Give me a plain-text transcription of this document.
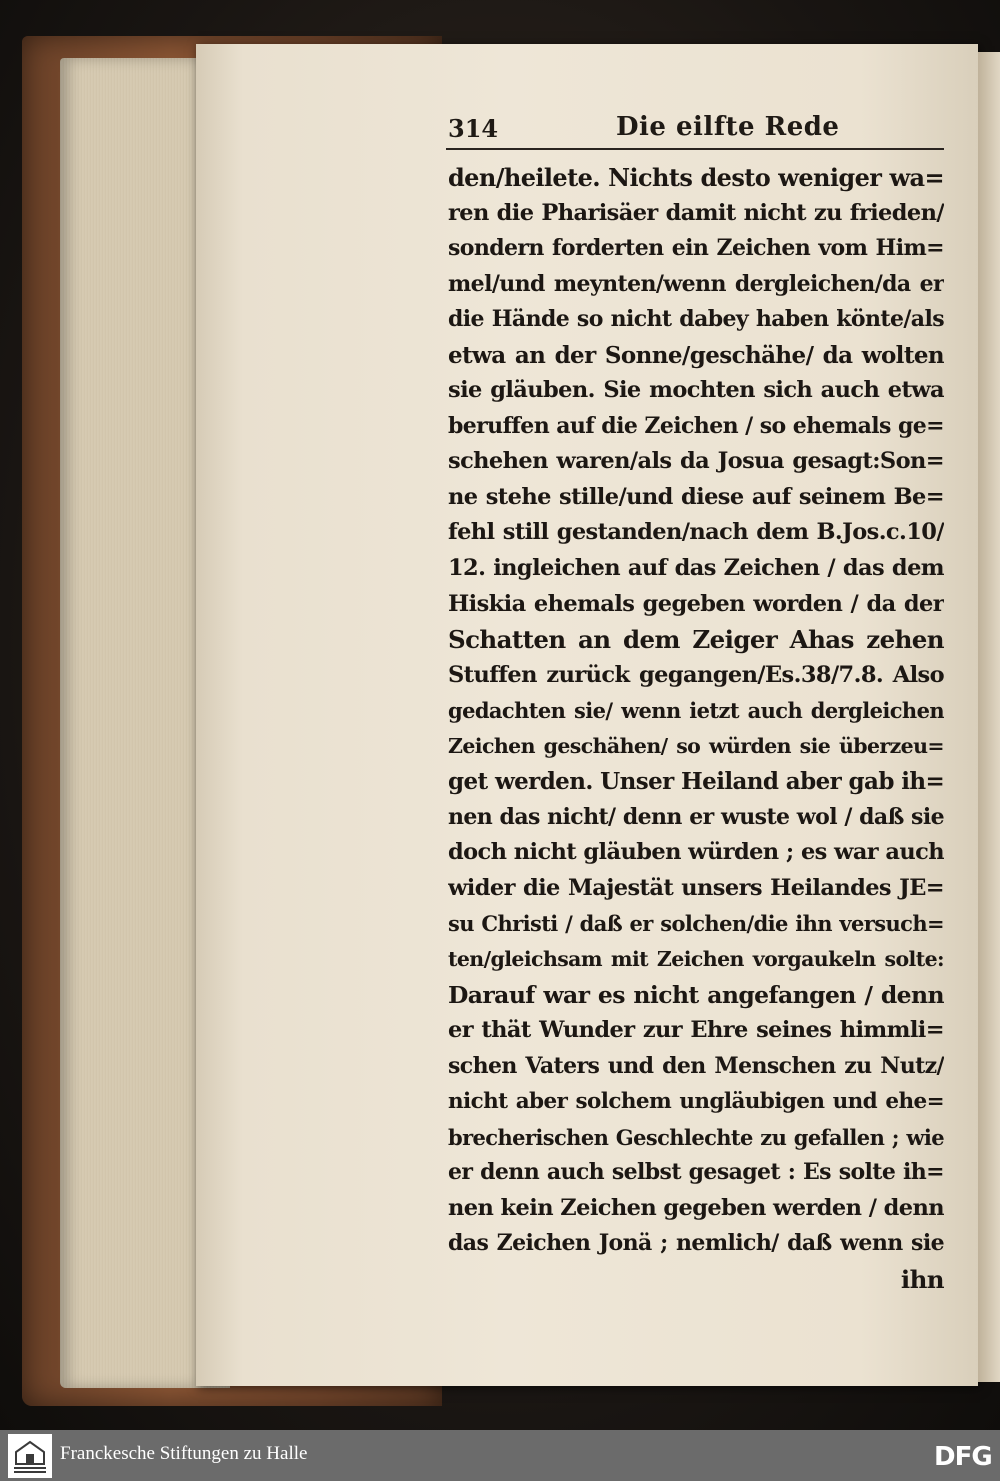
314	Die eilfte Rede
den/heilete. Nichts desto weniger wa=
ren die Pharisäer damit nicht zu frieden/
sondern forderten ein Zeichen vom Him=
mel/und meynten/wenn dergleichen/da er
die Hände so nicht dabey haben könte/als
etwa an der Sonne/geschähe/ da wolten
sie gläuben. Sie mochten sich auch etwa
beruffen auf die Zeichen / so ehemals ge=
schehen waren/als da Josua gesagt:Son=
ne stehe stille/und diese auf seinem Be=
fehl still gestanden/nach dem B.Jos.c.10/
12. ingleichen auf das Zeichen / das dem
Hiskia ehemals gegeben worden / da der
Schatten an dem Zeiger Ahas zehen
Stuffen zurück gegangen/Es.38/7.8. Also
gedachten sie/ wenn ietzt auch dergleichen
Zeichen geschähen/ so würden sie überzeu=
get werden. Unser Heiland aber gab ih=
nen das nicht/ denn er wuste wol / daß sie
doch nicht gläuben würden ; es war auch
wider die Majestät unsers Heilandes JE=
su Christi / daß er solchen/die ihn versuch=
ten/gleichsam mit Zeichen vorgaukeln solte:
Darauf war es nicht angefangen / denn
er thät Wunder zur Ehre seines himmli=
schen Vaters und den Menschen zu Nutz/
nicht aber solchem ungläubigen und ehe=
brecherischen Geschlechte zu gefallen ; wie
er denn auch selbst gesaget : Es solte ih=
nen kein Zeichen gegeben werden / denn
das Zeichen Jonä ; nemlich/ daß wenn sie
ihn
Franckesche Stiftungen zu Halle	DFG
